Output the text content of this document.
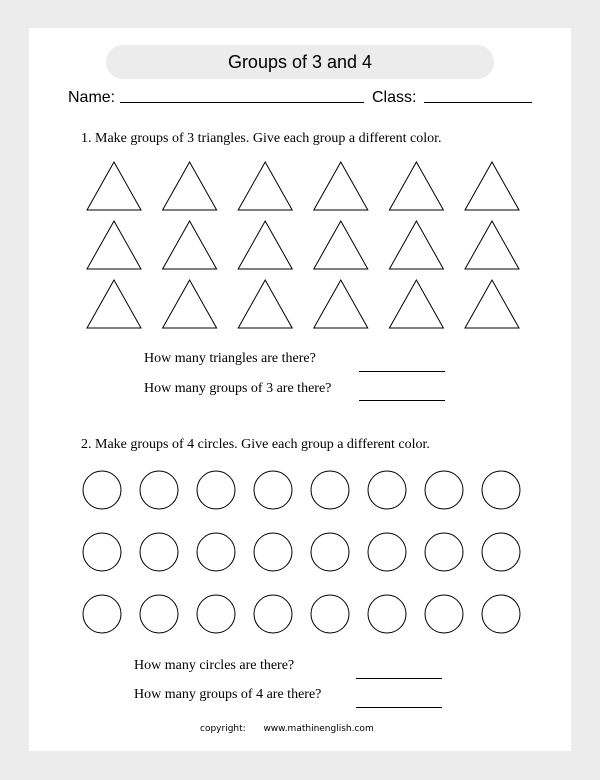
Groups of 3 and 4
Name:	Class:
1. Make groups of 3 triangles. Give each group a different color.
How many triangles are there?
How many groups of 3 are there?
2. Make groups of 4 circles. Give each group a different color.
How many circles are there?
How many groups of 4 are there?
copyright: www.mathinenglish.com
